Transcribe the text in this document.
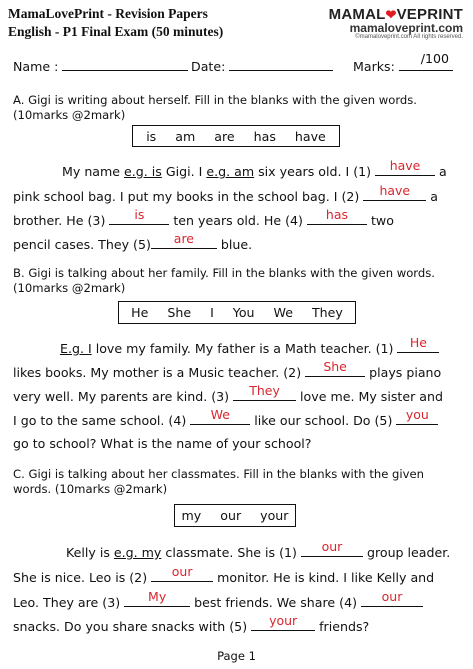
MamaLovePrint - Revision Papers
English - P1 Final Exam (50 minutes)
MAMAL❤VEPRINT
mamaloveprint.com
©mamaloveprint.com All rights reserved.
Name :	Date:	Marks:
/100
A. Gigi is writing about herself. Fill in the blanks with the given words.
(10marks @2mark)
is am are has have
My name e.g. is Gigi. I e.g. am six years old. I (1)	have	a
pink school bag. I put my books in the school bag. I (2)	have	a
brother. He (3)	is	ten years old. He (4)	has	two
pencil cases. They (5)	are	blue.
B. Gigi is talking about her family. Fill in the blanks with the given words.
(10marks @2mark)
He She I You We They
E.g. I love my family. My father is a Math teacher. (1) He
likes books. My mother is a Music teacher. (2)	She	plays piano
very well. My parents are kind. (3)	They	love me. My sister and
I go to the same school. (4)	We	like our school. Do (5) you
go to school? What is the name of your school?
C. Gigi is talking about her classmates. Fill in the blanks with the given
words. (10marks @2mark)
my our your
Kelly is e.g. my classmate. She is (1)	our	group leader.
She is nice. Leo is (2)	our	monitor. He is kind. I like Kelly and
Leo. They are (3)	My	best friends. We share (4)	our
snacks. Do you share snacks with (5)	your	friends?
Page 1
